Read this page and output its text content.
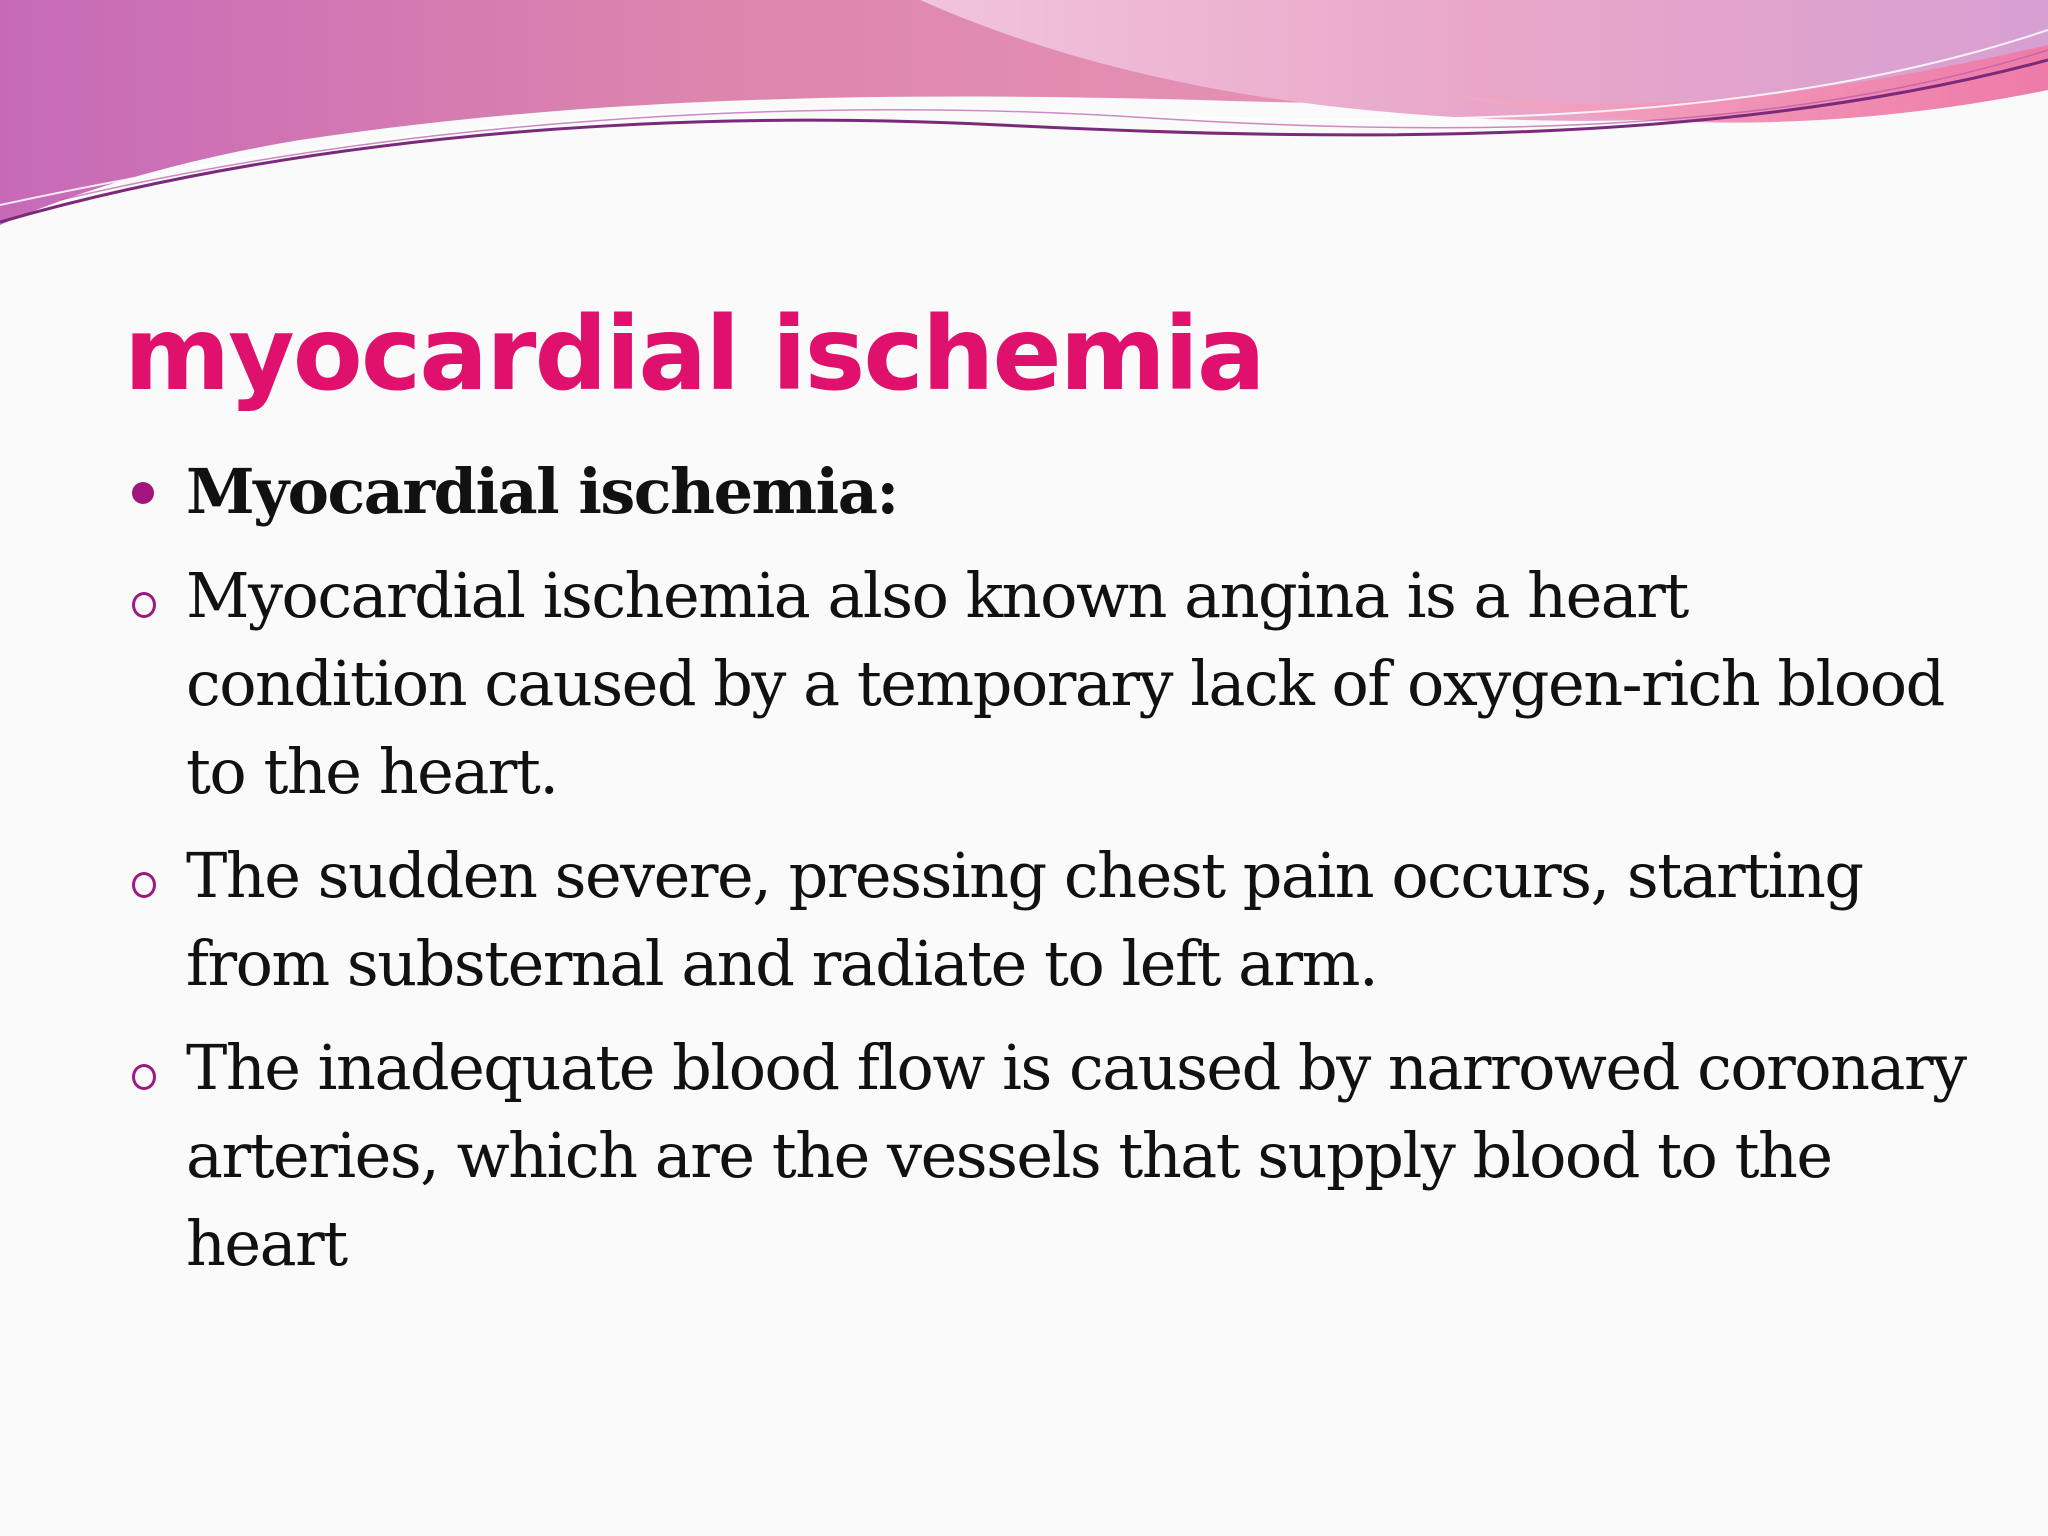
myocardial ischemia
Myocardial ischemia:
Myocardial ischemia also known angina is a heart condition caused by a temporary lack of oxygen-rich blood to the heart.
The sudden severe, pressing chest pain occurs, starting from substernal and radiate to left arm.
The inadequate blood flow is caused by narrowed coronary arteries, which are the vessels that supply blood to the heart
